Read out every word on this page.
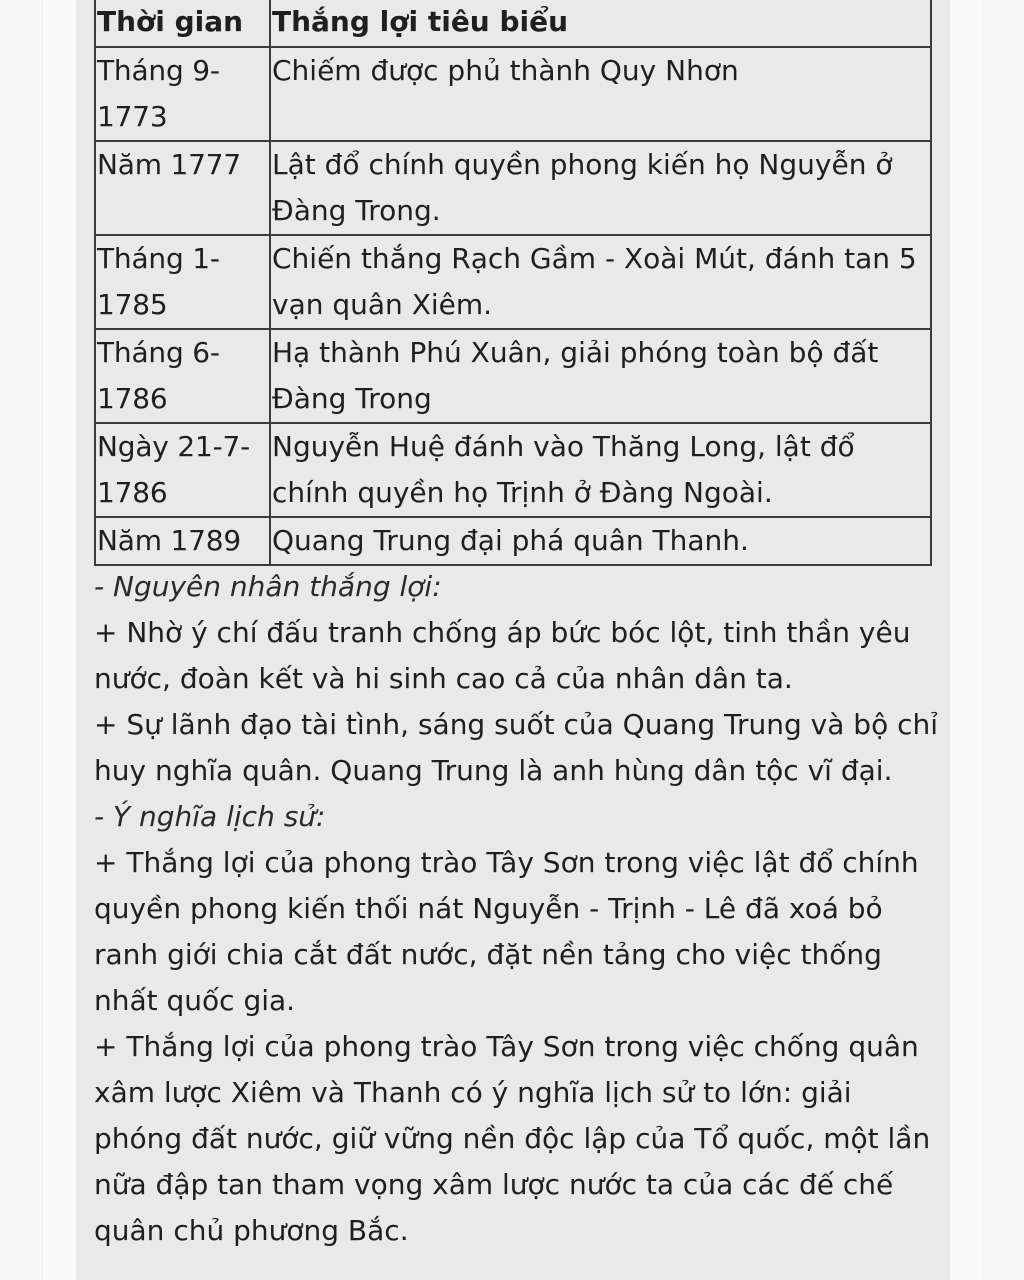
Thời gian	Thắng lợi tiêu biểu
Tháng 9-1773	Chiếm được phủ thành Quy Nhơn
Năm 1777	Lật đổ chính quyền phong kiến họ Nguyễn ở Đàng Trong.
Tháng 1-1785	Chiến thắng Rạch Gầm - Xoài Mút, đánh tan 5 vạn quân Xiêm.
Tháng 6-1786	Hạ thành Phú Xuân, giải phóng toàn bộ đất Đàng Trong
Ngày 21-7-1786	Nguyễn Huệ đánh vào Thăng Long, lật đổ chính quyền họ Trịnh ở Đàng Ngoài.
Năm 1789	Quang Trung đại phá quân Thanh.

- Nguyên nhân thắng lợi:

+ Nhờ ý chí đấu tranh chống áp bức bóc lột, tinh thần yêu nước, đoàn kết và hi sinh cao cả của nhân dân ta.

+ Sự lãnh đạo tài tình, sáng suốt của Quang Trung và bộ chỉ huy nghĩa quân. Quang Trung là anh hùng dân tộc vĩ đại.

- Ý nghĩa lịch sử:

+ Thắng lợi của phong trào Tây Sơn trong việc lật đổ chính quyền phong kiến thối nát Nguyễn - Trịnh - Lê đã xoá bỏ ranh giới chia cắt đất nước, đặt nền tảng cho việc thống nhất quốc gia.

+ Thắng lợi của phong trào Tây Sơn trong việc chống quân xâm lược Xiêm và Thanh có ý nghĩa lịch sử to lớn: giải phóng đất nước, giữ vững nền độc lập của Tổ quốc, một lần nữa đập tan tham vọng xâm lược nước ta của các đế chế quân chủ phương Bắc.
